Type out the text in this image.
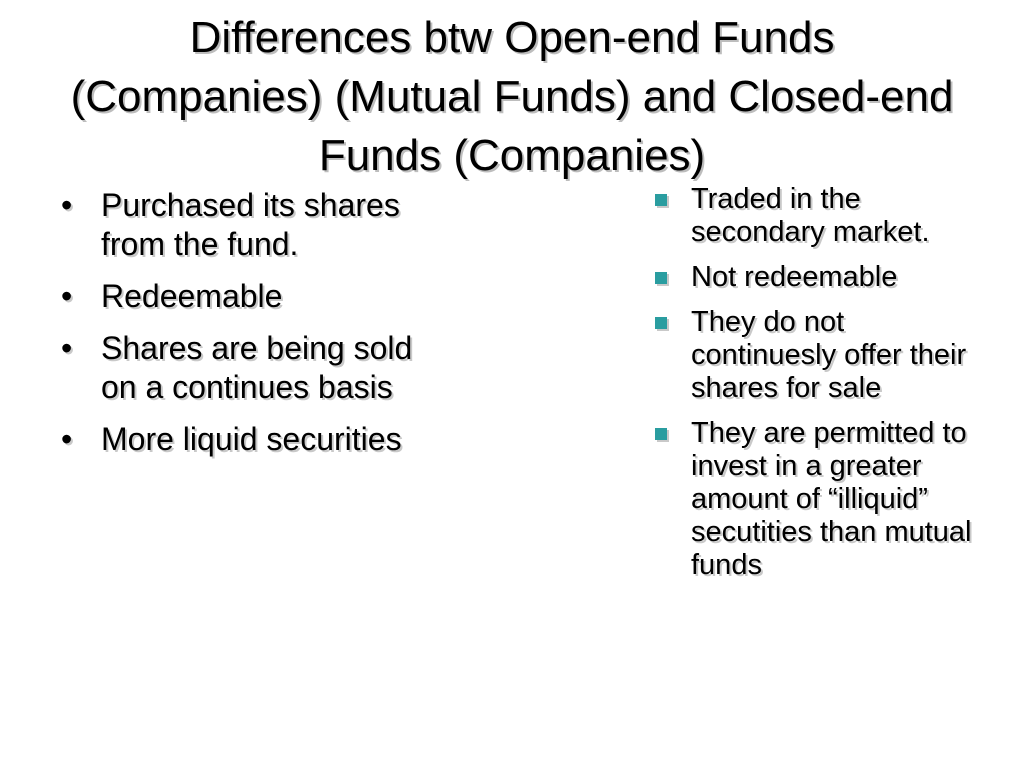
Differences btw Open-end Funds (Companies) (Mutual Funds) and Closed-end Funds (Companies)
• Purchased its shares from the fund.
• Redeemable
• Shares are being sold on a continues basis
• More liquid securities
Traded in the secondary market.
Not redeemable
They do not continuesly offer their shares for sale
They are permitted to invest in a greater amount of “illiquid” secutities than mutual funds
